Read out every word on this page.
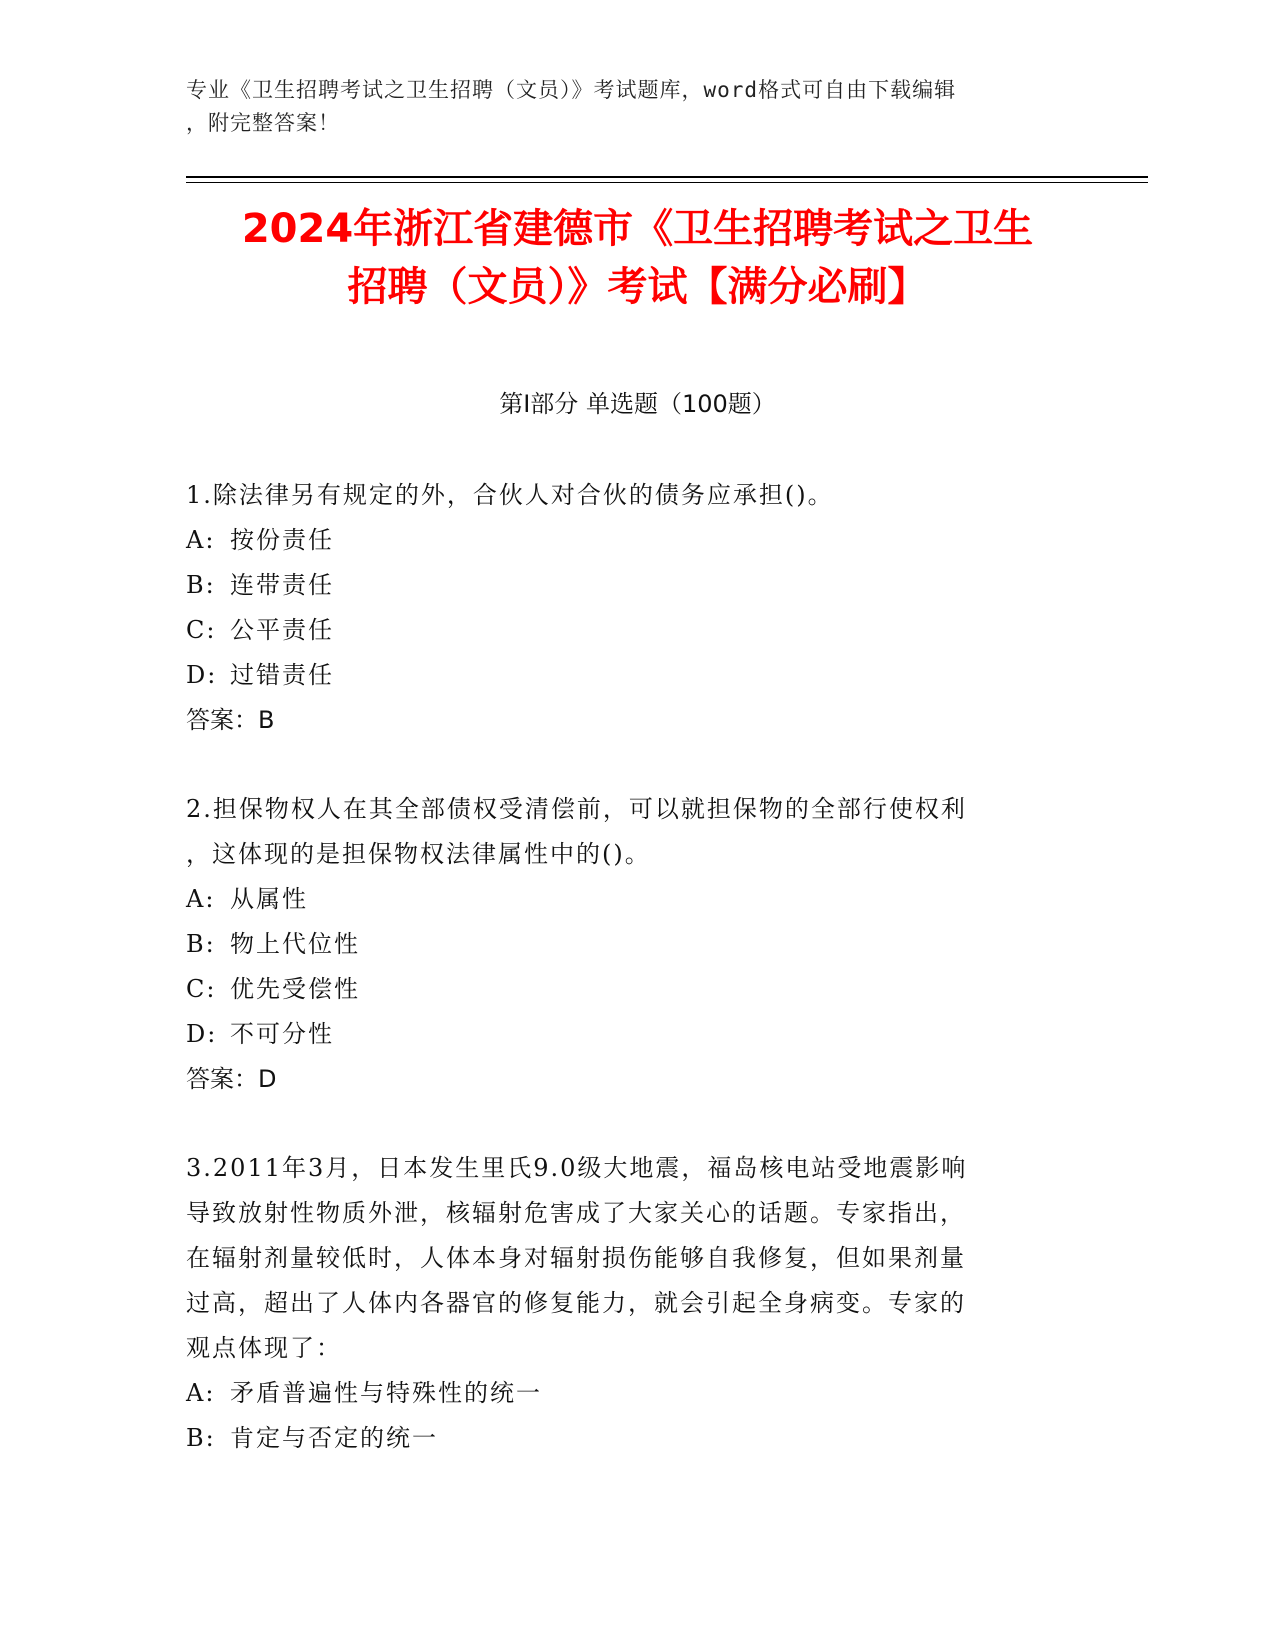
专业《卫生招聘考试之卫生招聘（文员）》考试题库，word格式可自由下载编辑
，附完整答案！
2024年浙江省建德市《卫生招聘考试之卫生
招聘（文员）》考试【满分必刷】
第Ⅰ部分 单选题（100题）

1.除法律另有规定的外，合伙人对合伙的债务应承担()。

A: 按份责任

B: 连带责任

C: 公平责任

D: 过错责任

答案：B

2.担保物权人在其全部债权受清偿前，可以就担保物的全部行使权利

，这体现的是担保物权法律属性中的()。

A: 从属性

B: 物上代位性

C: 优先受偿性

D: 不可分性

答案：D

3.2011年3月，日本发生里氏9.0级大地震，福岛核电站受地震影响

导致放射性物质外泄，核辐射危害成了大家关心的话题。专家指出，

在辐射剂量较低时，人体本身对辐射损伤能够自我修复，但如果剂量

过高，超出了人体内各器官的修复能力，就会引起全身病变。专家的

观点体现了：

A: 矛盾普遍性与特殊性的统一

B: 肯定与否定的统一
